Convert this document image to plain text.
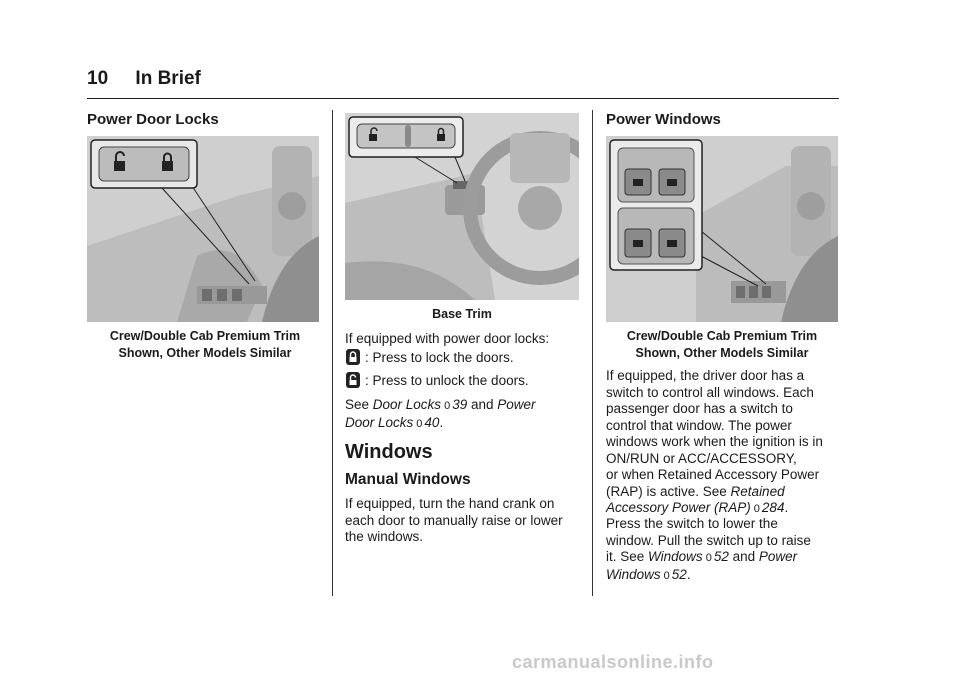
10 In Brief
Power Door Locks
Crew/Double Cab Premium Trim
Shown, Other Models Similar
Base Trim
If equipped with power door locks:
: Press to lock the doors.
: Press to unlock the doors.
See Door Locks 0 39 and Power
Door Locks 0 40.
Windows
Manual Windows
If equipped, turn the hand crank on
each door to manually raise or lower
the windows.
Power Windows
Crew/Double Cab Premium Trim
Shown, Other Models Similar
If equipped, the driver door has a
switch to control all windows. Each
passenger door has a switch to
control that window. The power
windows work when the ignition is in
ON/RUN or ACC/ACCESSORY,
or when Retained Accessory Power
(RAP) is active. See Retained
Accessory Power (RAP) 0 284.
Press the switch to lower the
window. Pull the switch up to raise
it. See Windows 0 52 and Power
Windows 0 52.
carmanualsonline.info
